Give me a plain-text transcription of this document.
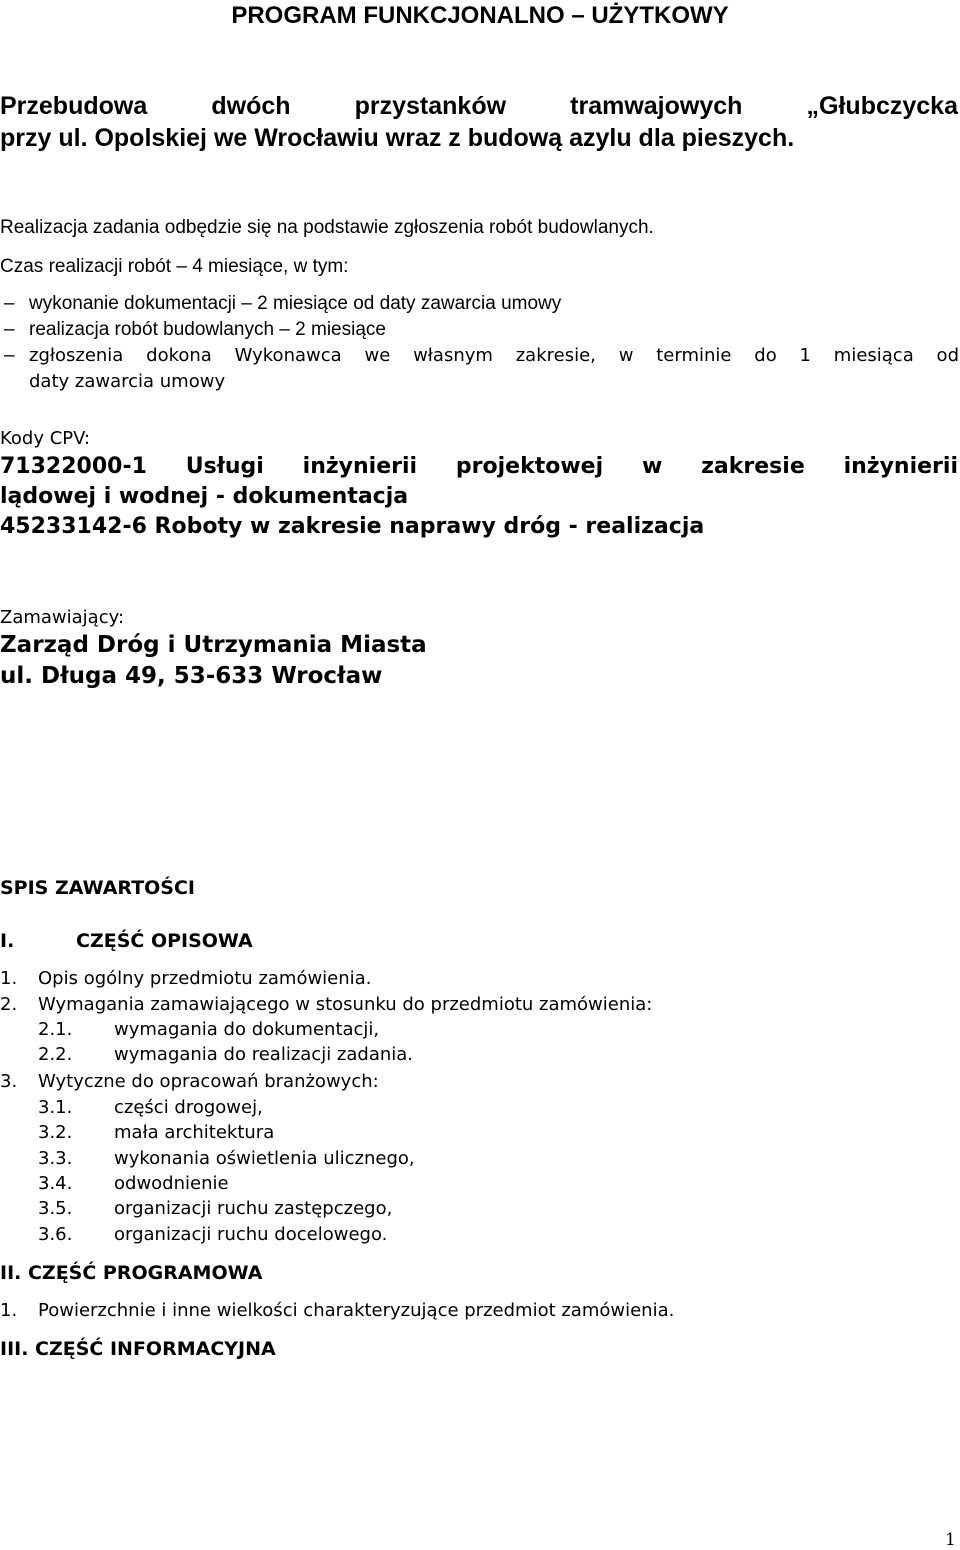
PROGRAM FUNKCJONALNO – UŻYTKOWY
Przebudowa dwóch przystanków tramwajowych „Głubczycka
przy ul. Opolskiej we Wrocławiu wraz z budową azylu dla pieszych.
Realizacja zadania odbędzie się na podstawie zgłoszenia robót budowlanych.
Czas realizacji robót – 4 miesiące, w tym:
– wykonanie dokumentacji – 2 miesiące od daty zawarcia umowy
– realizacja robót budowlanych – 2 miesiące
– zgłoszenia dokona Wykonawca we własnym zakresie, w terminie do 1 miesiąca od
daty zawarcia umowy
Kody CPV:
71322000-1 Usługi inżynierii projektowej w zakresie inżynierii
lądowej i wodnej - dokumentacja
45233142-6 Roboty w zakresie naprawy dróg - realizacja
Zamawiający:
Zarząd Dróg i Utrzymania Miasta
ul. Długa 49, 53-633 Wrocław
SPIS ZAWARTOŚCI
I.	CZĘŚĆ OPISOWA
1. Opis ogólny przedmiotu zamówienia.
2. Wymagania zamawiającego w stosunku do przedmiotu zamówienia:
2.1. wymagania do dokumentacji,
2.2. wymagania do realizacji zadania.
3. Wytyczne do opracowań branżowych:
3.1. części drogowej,
3.2. mała architektura
3.3. wykonania oświetlenia ulicznego,
3.4. odwodnienie
3.5. organizacji ruchu zastępczego,
3.6. organizacji ruchu docelowego.
II. CZĘŚĆ PROGRAMOWA
1. Powierzchnie i inne wielkości charakteryzujące przedmiot zamówienia.
III. CZĘŚĆ INFORMACYJNA
1
